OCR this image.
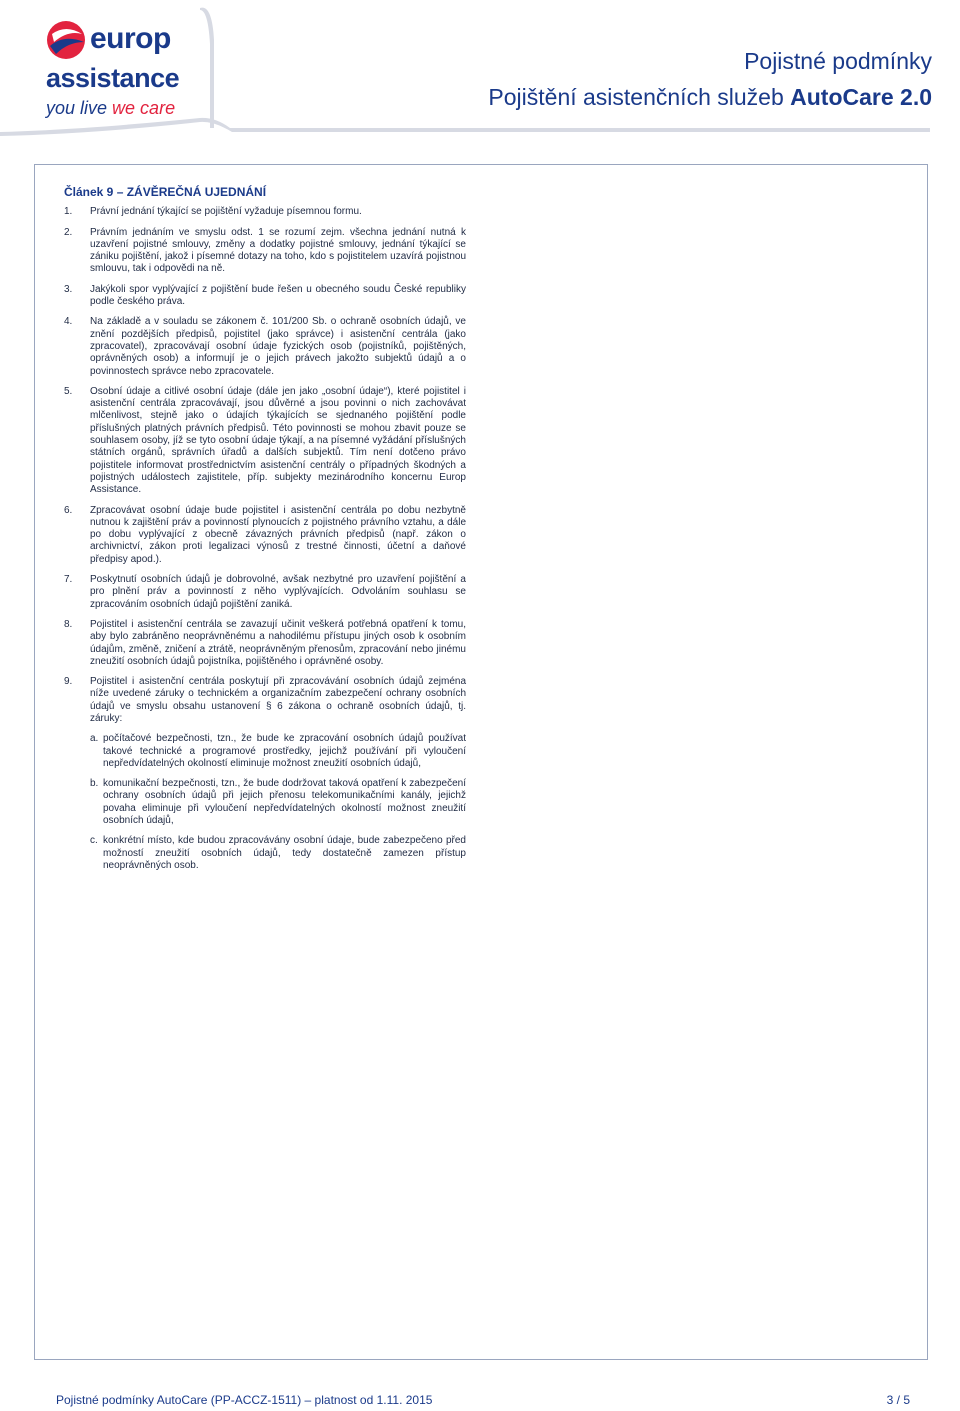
europ
assistance
you live we care
Pojistné podmínky
Pojištění asistenčních služeb AutoCare 2.0
Článek 9 – ZÁVĚREČNÁ UJEDNÁNÍ
1.	Právní jednání týkající se pojištění vyžaduje písemnou formu.
2.	Právním jednáním ve smyslu odst. 1 se rozumí zejm. všechna jednání nutná k uzavření pojistné smlouvy, změny a dodatky pojistné smlouvy, jednání týkající se zániku pojištění, jakož i písemné dotazy na toho, kdo s pojistitelem uzavírá pojistnou smlouvu, tak i odpovědi na ně.
3.	Jakýkoli spor vyplývající z pojištění bude řešen u obecného soudu České republiky podle českého práva.
4.	Na základě a v souladu se zákonem č. 101/200 Sb. o ochraně osobních údajů, ve znění pozdějších předpisů, pojistitel (jako správce) i asistenční centrála (jako zpracovatel), zpracovávají osobní údaje fyzických osob (pojistníků, pojištěných, oprávněných osob) a informují je o jejich právech jakožto subjektů údajů a o povinnostech správce nebo zpracovatele.
5.	Osobní údaje a citlivé osobní údaje (dále jen jako „osobní údaje“), které pojistitel i asistenční centrála zpracovávají, jsou důvěrné a jsou povinni o nich zachovávat mlčenlivost, stejně jako o údajích týkajících se sjednaného pojištění podle příslušných platných právních předpisů. Této povinnosti se mohou zbavit pouze se souhlasem osoby, jíž se tyto osobní údaje týkají, a na písemné vyžádání příslušných státních orgánů, správních úřadů a dalších subjektů. Tím není dotčeno právo pojistitele informovat prostřednictvím asistenční centrály o případných škodných a pojistných událostech zajistitele, příp. subjekty mezinárodního koncernu Europ Assistance.
6.	Zpracovávat osobní údaje bude pojistitel i asistenční centrála po dobu nezbytně nutnou k zajištění práv a povinností plynoucích z pojistného právního vztahu, a dále po dobu vyplývající z obecně závazných právních předpisů (např. zákon o archivnictví, zákon proti legalizaci výnosů z trestné činnosti, účetní a daňové předpisy apod.).
7.	Poskytnutí osobních údajů je dobrovolné, avšak nezbytné pro uzavření pojištění a pro plnění práv a povinností z něho vyplývajících. Odvoláním souhlasu se zpracováním osobních údajů pojištění zaniká.
8.	Pojistitel i asistenční centrála se zavazují učinit veškerá potřebná opatření k tomu, aby bylo zabráněno neoprávněnému a nahodilému přístupu jiných osob k osobním údajům, změně, zničení a ztrátě, neoprávněným přenosům, zpracování nebo jinému zneužití osobních údajů pojistníka, pojištěného i oprávněné osoby.
9.	Pojistitel i asistenční centrála poskytují při zpracovávání osobních údajů zejména níže uvedené záruky o technickém a organizačním zabezpečení ochrany osobních údajů ve smyslu obsahu ustanovení § 6 zákona o ochraně osobních údajů, tj. záruky:
a. počítačové bezpečnosti, tzn., že bude ke zpracování osobních údajů používat takové technické a programové prostředky, jejichž používání při vyloučení nepředvídatelných okolností eliminuje možnost zneužití osobních údajů,
b. komunikační bezpečnosti, tzn., že bude dodržovat taková opatření k zabezpečení ochrany osobních údajů při jejich přenosu telekomunikačními kanály, jejichž povaha eliminuje při vyloučení nepředvídatelných okolností možnost zneužití osobních údajů,
c. konkrétní místo, kde budou zpracovávány osobní údaje, bude zabezpečeno před možností zneužití osobních údajů, tedy dostatečně zamezen přístup neoprávněných osob.
Pojistné podmínky AutoCare (PP-ACCZ-1511) – platnost od 1.11. 2015	3 / 5
